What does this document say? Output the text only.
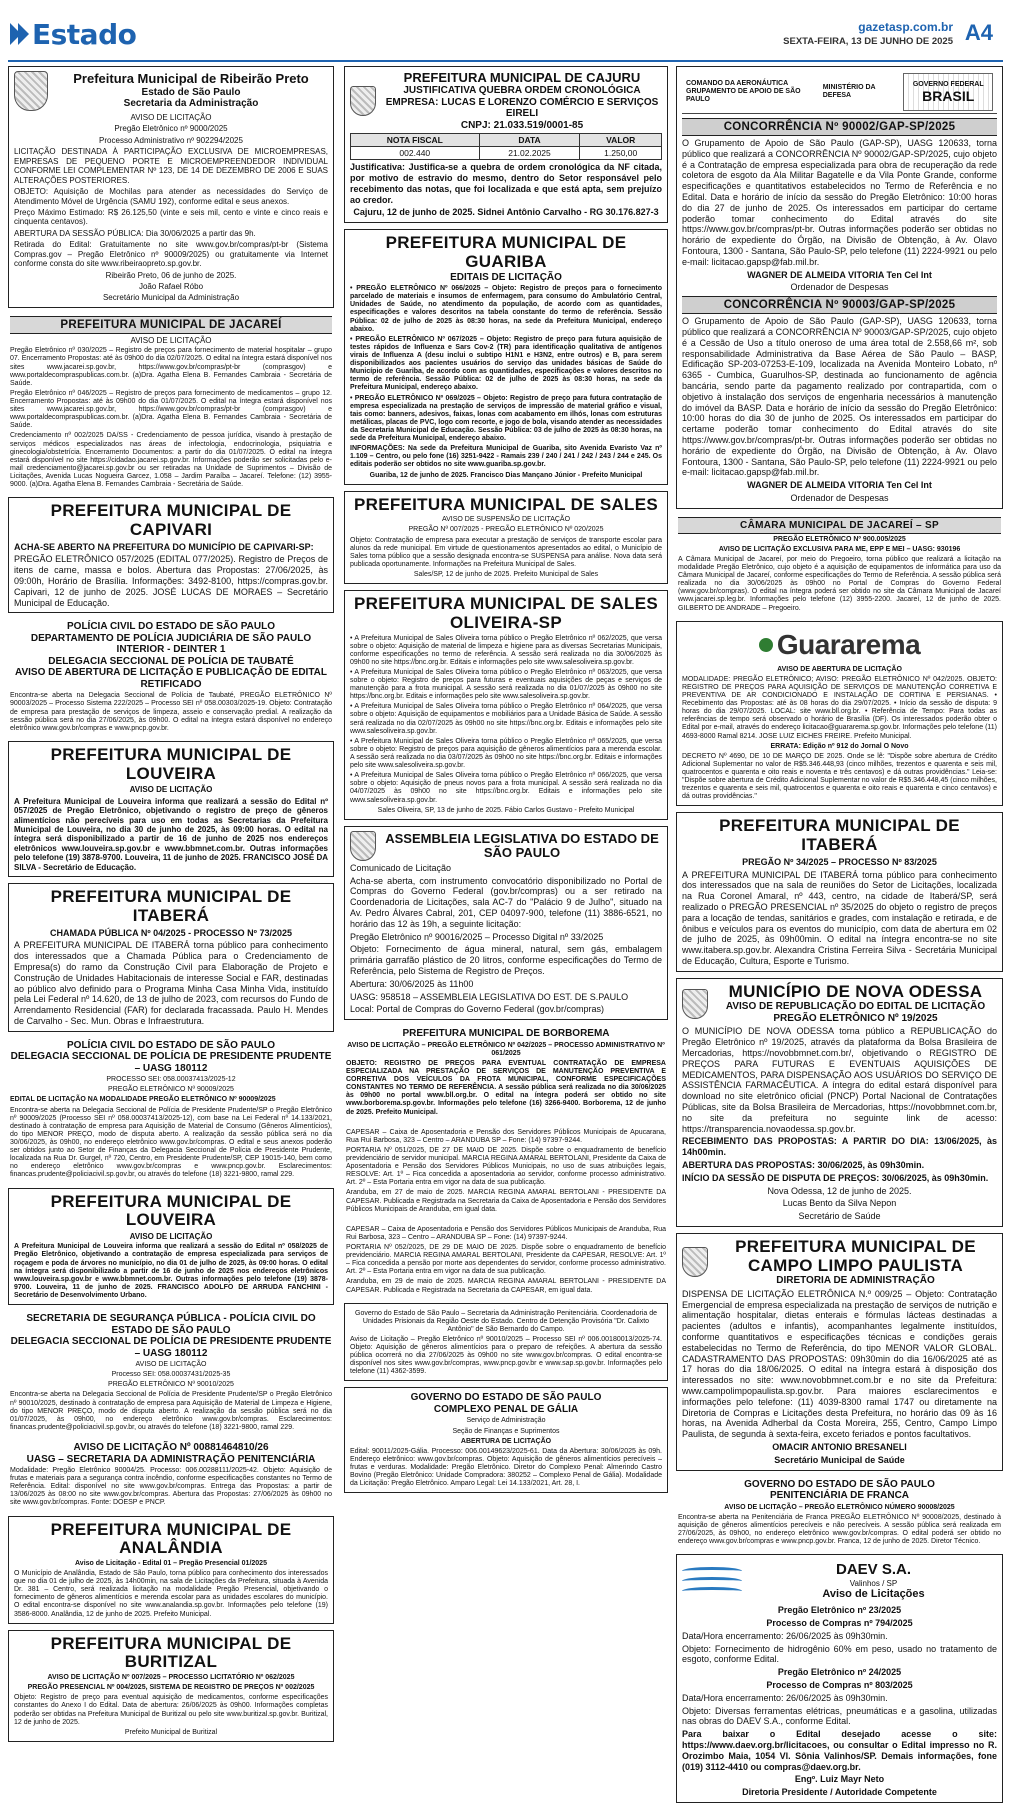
Estado	gazetasp.com.br
SEXTA-FEIRA, 13 DE JUNHO DE 2025 A4
Prefeitura Municipal de Ribeirão Preto
Estado de São Paulo
Secretaria da Administração

AVISO DE LICITAÇÃO

Pregão Eletrônico nº 9000/2025

Processo Administrativo nº 902294/2025

LICITAÇÃO DESTINADA À PARTICIPAÇÃO EXCLUSIVA DE MICROEMPRESAS, EMPRESAS DE PEQUENO PORTE E MICROEMPREENDEDOR INDIVIDUAL CONFORME LEI COMPLEMENTAR Nº 123, DE 14 DE DEZEMBRO DE 2006 E SUAS ALTERAÇÕES POSTERIORES.

OBJETO: Aquisição de Mochilas para atender as necessidades do Serviço de Atendimento Móvel de Urgência (SAMU 192), conforme edital e seus anexos.

Preço Máximo Estimado: R$ 26.125,50 (vinte e seis mil, cento e vinte e cinco reais e cinquenta centavos).

ABERTURA DA SESSÃO PÚBLICA: Dia 30/06/2025 a partir das 9h.

Retirada do Edital: Gratuitamente no site www.gov.br/compras/pt-br (Sistema Compras.gov – Pregão Eletrônico nº 90009/2025) ou gratuitamente via Internet conforme consta do site www.ribeiraopreto.sp.gov.br.

Ribeirão Preto, 06 de junho de 2025.

João Rafael Róbo

Secretário Municipal da Administração

PREFEITURA MUNICIPAL DE JACAREÍ

AVISO DE LICITAÇÃO

Pregão Eletrônico nº 030/2025 – Registro de preços para fornecimento de material hospitalar – grupo 07. Encerramento Propostas: até às 09h00 do dia 02/07/2025. O edital na íntegra estará disponível nos sites www.jacarei.sp.gov.br, https://www.gov.br/compras/pt-br (comprasgov) e www.portaldecompraspublicas.com.br. (a)Dra. Agatha Elena B. Fernandes Cambraia - Secretária de Saúde.

Pregão Eletrônico nº 046/2025 – Registro de preços para fornecimento de medicamentos – grupo 12. Encerramento Propostas: até às 09h00 do dia 01/07/2025. O edital na íntegra estará disponível nos sites www.jacarei.sp.gov.br, https://www.gov.br/compras/pt-br (comprasgov) e www.portaldecompraspublicas.com.br. (a)Dra. Agatha Elena B. Fernandes Cambraia - Secretária de Saúde.

Credenciamento nº 002/2025 DA/SS - Credenciamento de pessoa jurídica, visando à prestação de serviços médicos especializados nas áreas de infectologia, endocrinologia, psiquiatria e ginecologia/obstetrícia. Encerramento Documentos: a partir do dia 01/07/2025. O edital na íntegra estará disponível no site https://cidadao.jacarei.sp.gov.br. Informações poderão ser solicitadas pelo e-mail credenciamento@jacarei.sp.gov.br ou ser retiradas na Unidade de Suprimentos – Divisão de Licitações, Avenida Lucas Nogueira Garcez, 1.058 – Jardim Paraíba – Jacareí. Telefone: (12) 3955-9000. (a)Dra. Agatha Elena B. Fernandes Cambraia - Secretária de Saúde.

PREFEITURA MUNICIPAL DE CAPIVARI

ACHA-SE ABERTO NA PREFEITURA DO MUNICÍPIO DE CAPIVARI-SP:

PREGÃO ELETRÔNICO 057/2025 (EDITAL 077/2025). Registro de Preços de itens de carne, massa e bolos. Abertura das Propostas: 27/06/2025, às 09:00h, Horário de Brasília. Informações: 3492-8100, https://compras.gov.br. Capivari, 12 de junho de 2025. JOSÉ LUCAS DE MORAES – Secretário Municipal de Educação.

POLÍCIA CIVIL DO ESTADO DE SÃO PAULO
DEPARTAMENTO DE POLÍCIA JUDICIÁRIA DE SÃO PAULO INTERIOR - DEINTER 1
DELEGACIA SECCIONAL DE POLÍCIA DE TAUBATÉ
AVISO DE ABERTURA DE LICITAÇÃO E PUBLICAÇÃO DE EDITAL RETIFICADO

Encontra-se aberta na Delegacia Seccional de Polícia de Taubaté, PREGÃO ELETRÔNICO Nº 90003/2025 – Processo Sistema 222/2025 – Processo SEI nº 058.00303/2025-19. Objeto: Contratação de empresa para prestação de serviços de limpeza, asseio e conservação predial. A realização da sessão pública será no dia 27/06/2025, às 09h00. O edital na íntegra estará disponível no endereço eletrônico www.gov.br/compras e www.pncp.gov.br.

PREFEITURA MUNICIPAL DE LOUVEIRA

AVISO DE LICITAÇÃO

A Prefeitura Municipal de Louveira informa que realizará a sessão do Edital nº 057/2025 de Pregão Eletrônico, objetivando o registro de preço de gêneros alimentícios não perecíveis para uso em todas as Secretarias da Prefeitura Municipal de Louveira, no dia 30 de junho de 2025, às 09:00 horas. O edital na íntegra será disponibilizado a partir de 16 de junho de 2025 nos endereços eletrônicos www.louveira.sp.gov.br e www.bbmnet.com.br. Outras informações pelo telefone (19) 3878-9700. Louveira, 11 de junho de 2025. FRANCISCO JOSÉ DA SILVA - Secretário de Educação.

PREFEITURA MUNICIPAL DE ITABERÁ

CHAMADA PÚBLICA Nº 04/2025 - PROCESSO Nº 73/2025

A PREFEITURA MUNICIPAL DE ITABERÁ torna público para conhecimento dos interessados que a Chamada Pública para o Credenciamento de Empresa(s) do ramo da Construção Civil para Elaboração de Projeto e Construção de Unidades Habitacionais de interesse Social e FAR, destinadas ao público alvo definido para o Programa Minha Casa Minha Vida, instituído pela Lei Federal nº 14.620, de 13 de julho de 2023, com recursos do Fundo de Arrendamento Residencial (FAR) for declarada fracassada. Paulo H. Mendes de Carvalho - Sec. Mun. Obras e Infraestrutura.

POLÍCIA CIVIL DO ESTADO DE SÃO PAULO
DELEGACIA SECCIONAL DE POLÍCIA DE PRESIDENTE PRUDENTE – UASG 180112

PROCESSO SEI: 058.00037413/2025-12

PREGÃO ELETRÔNICO Nº 90009/2025

EDITAL DE LICITAÇÃO NA MODALIDADE PREGÃO ELETRÔNICO Nº 90009/2025

Encontra-se aberta na Delegacia Seccional de Polícia de Presidente Prudente/SP o Pregão Eletrônico nº 90009/2025 (Processo SEI nº 058.00037413/2025-12), com base na Lei Federal nº 14.133/2021, destinado à contratação de empresa para Aquisição de Material de Consumo (Gêneros Alimentícios), do tipo MENOR PREÇO, modo de disputa aberto. A realização da sessão pública será no dia 30/06/2025, às 09h00, no endereço eletrônico www.gov.br/compras. O edital e seus anexos poderão ser obtidos junto ao Setor de Finanças da Delegacia Seccional de Polícia de Presidente Prudente, localizada na Rua Dr. Gurgel, nº 720, Centro, em Presidente Prudente/SP, CEP 19015-140, bem como no endereço eletrônico www.gov.br/compras e www.pncp.gov.br. Esclarecimentos: financas.prudente@policiacivil.sp.gov.br, ou através do telefone (18) 3221-9800, ramal 229.

PREFEITURA MUNICIPAL DE LOUVEIRA

AVISO DE LICITAÇÃO

A Prefeitura Municipal de Louveira informa que realizará a sessão do Edital nº 058/2025 de Pregão Eletrônico, objetivando a contratação de empresa especializada para serviços de roçagem e poda de árvores no município, no dia 01 de julho de 2025, às 09:00 horas. O edital na íntegra será disponibilizado a partir de 16 de junho de 2025 nos endereços eletrônicos www.louveira.sp.gov.br e www.bbmnet.com.br. Outras informações pelo telefone (19) 3878-9700. Louveira, 11 de junho de 2025. FRANCISCO ADOLFO DE ARRUDA FANCHINI - Secretário de Desenvolvimento Urbano.

SECRETARIA DE SEGURANÇA PÚBLICA - POLÍCIA CIVIL DO ESTADO DE SÃO PAULO
DELEGACIA SECCIONAL DE POLÍCIA DE PRESIDENTE PRUDENTE – UASG 180112

AVISO DE LICITAÇÃO

Processo SEI: 058.00037431/2025-35

PREGÃO ELETRÔNICO Nº 90010/2025

Encontra-se aberta na Delegacia Seccional de Polícia de Presidente Prudente/SP o Pregão Eletrônico nº 90010/2025, destinado à contratação de empresa para Aquisição de Material de Limpeza e Higiene, do tipo MENOR PREÇO, modo de disputa aberto. A realização da sessão pública será no dia 01/07/2025, às 09h00, no endereço eletrônico www.gov.br/compras. Esclarecimentos: financas.prudente@policiacivil.sp.gov.br, ou através do telefone (18) 3221-9800, ramal 229.

AVISO DE LICITAÇÃO Nº 00881464810/26
UASG – SECRETARIA DA ADMINISTRAÇÃO PENITENCIÁRIA

Modalidade: Pregão Eletrônico 90004/25. Processo: 006.00288111/2025-42. Objeto: Aquisição de frutas e materiais para a segurança contra incêndio, conforme especificações constantes no Termo de Referência. Edital: disponível no site www.gov.br/compras. Entrega das Propostas: a partir de 13/06/2025 às 08:00 no site www.gov.br/compras. Abertura das Propostas: 27/06/2025 às 09h00 no site www.gov.br/compras. Fonte: DOESP e PNCP.

PREFEITURA MUNICIPAL DE ANALÂNDIA

Aviso de Licitação - Edital 01 – Pregão Presencial 01/2025

O Município de Analândia, Estado de São Paulo, torna público para conhecimento dos interessados que no dia 01 de julho de 2025, às 14h00min, na sala de Licitações da Prefeitura, situada à Avenida Dr. 381 – Centro, será realizada licitação na modalidade Pregão Presencial, objetivando o fornecimento de gêneros alimentícios e merenda escolar para as unidades escolares do município. O edital encontra-se disponível no site www.analandia.sp.gov.br. Informações pelo telefone (19) 3586-8000. Analândia, 12 de junho de 2025. Prefeito Municipal.

PREFEITURA MUNICIPAL DE BURITIZAL

AVISO DE LICITAÇÃO Nº 007/2025 – PROCESSO LICITATÓRIO Nº 062/2025

PREGÃO PRESENCIAL Nº 004/2025, SISTEMA DE REGISTRO DE PREÇOS Nº 002/2025

Objeto: Registro de preço para eventual aquisição de medicamentos, conforme especificações constantes do Anexo I do Edital. Data de abertura: 26/06/2025 às 09h00. Informações completas poderão ser obtidas na Prefeitura Municipal de Buritizal ou pelo site www.buritizal.sp.gov.br. Buritizal, 12 de junho de 2025.

Prefeito Municipal de Buritizal

PREFEITURA MUNICIPAL DE CAJURU
JUSTIFICATIVA QUEBRA ORDEM CRONOLÓGICA
EMPRESA: LUCAS E LORENZO COMÉRCIO E SERVIÇOS EIRELI
CNPJ: 21.033.519/0001-85
NOTA FISCAL	DATA	VALOR
002.440	21.02.2025	1.250,00

Justificativa: Justifica-se a quebra de ordem cronológica da NF citada, por motivo de estravio do mesmo, dentro do Setor responsável pelo recebimento das notas, que foi localizada e que está apta, sem prejuízo ao credor.

Cajuru, 12 de junho de 2025. Sidnei Antônio Carvalho - RG 30.176.827-3

PREFEITURA MUNICIPAL DE GUARIBA
EDITAIS DE LICITAÇÃO

• PREGÃO ELETRÔNICO Nº 066/2025 – Objeto: Registro de preços para o fornecimento parcelado de materiais e insumos de enfermagem, para consumo do Ambulatório Central, Unidades de Saúde, no atendimento da população, de acordo com as quantidades, especificações e valores descritos na tabela constante do termo de referência. Sessão Pública: 02 de julho de 2025 às 08:30 horas, na sede da Prefeitura Municipal, endereço abaixo.

• PREGÃO ELETRÔNICO Nº 067/2025 – Objeto: Registro de preço para futura aquisição de testes rápidos de Influenza e Sars Cov-2 (TR) para identificação qualitativa de antígenos virais de Influenza A (desu inclui o subtipo H1N1 e H3N2, entre outros) e B, para serem disponibilizados aos pacientes usuários do serviço das unidades básicas de Saúde do Município de Guariba, de acordo com as quantidades, especificações e valores descritos no termo de referência. Sessão Pública: 02 de julho de 2025 às 08:30 horas, na sede da Prefeitura Municipal, endereço abaixo.

• PREGÃO ELETRÔNICO Nº 069/2025 – Objeto: Registro de preço para futura contratação de empresa especializada na prestação de serviços de impressão de material gráfico e visual, tais como: banners, adesivos, faixas, lonas com acabamento em ilhós, lonas com estruturas metálicas, placas de PVC, logo com recorte, e jogo de bola, visando atender as necessidades da Secretaria Municipal de Educação. Sessão Pública: 03 de julho de 2025 às 08:30 horas, na sede da Prefeitura Municipal, endereço abaixo.

INFORMAÇÕES: Na sede da Prefeitura Municipal de Guariba, sito Avenida Evaristo Vaz nº 1.109 – Centro, ou pelo fone (16) 3251-9422 - Ramais 239 / 240 / 241 / 242 / 243 / 244 e 245. Os editais poderão ser obtidos no site www.guariba.sp.gov.br.

Guariba, 12 de junho de 2025. Francisco Dias Mançano Júnior - Prefeito Municipal

PREFEITURA MUNICIPAL DE SALES

AVISO DE SUSPENSÃO DE LICITAÇÃO

PREGÃO Nº 007/2025 - PREGÃO ELETRÔNICO Nº 020/2025

Objeto: Contratação de empresa para executar a prestação de serviços de transporte escolar para alunos da rede municipal. Em virtude de questionamentos apresentados ao edital, o Município de Sales torna público que a sessão designada encontra-se SUSPENSA para análise. Nova data será publicada oportunamente. Informações na Prefeitura Municipal de Sales.

Sales/SP, 12 de junho de 2025. Prefeito Municipal de Sales

PREFEITURA MUNICIPAL DE SALES OLIVEIRA-SP

• A Prefeitura Municipal de Sales Oliveira torna público o Pregão Eletrônico nº 062/2025, que versa sobre o objeto: Aquisição de material de limpeza e higiene para as diversas Secretarias Municipais, conforme especificações no termo de referência. A sessão será realizada no dia 30/06/2025 às 09h00 no site https://bnc.org.br. Editais e informações pelo site www.salesoliveira.sp.gov.br.

• A Prefeitura Municipal de Sales Oliveira torna público o Pregão Eletrônico nº 063/2025, que versa sobre o objeto: Registro de preços para futuras e eventuais aquisições de peças e serviços de manutenção para a frota municipal. A sessão será realizada no dia 01/07/2025 às 09h00 no site https://bnc.org.br. Editais e informações pelo site www.salesoliveira.sp.gov.br.

• A Prefeitura Municipal de Sales Oliveira torna público o Pregão Eletrônico nº 064/2025, que versa sobre o objeto: Aquisição de equipamentos e mobiliários para a Unidade Básica de Saúde. A sessão será realizada no dia 02/07/2025 às 09h00 no site https://bnc.org.br. Editais e informações pelo site www.salesoliveira.sp.gov.br.

• A Prefeitura Municipal de Sales Oliveira torna público o Pregão Eletrônico nº 065/2025, que versa sobre o objeto: Registro de preços para aquisição de gêneros alimentícios para a merenda escolar. A sessão será realizada no dia 03/07/2025 às 09h00 no site https://bnc.org.br. Editais e informações pelo site www.salesoliveira.sp.gov.br.

• A Prefeitura Municipal de Sales Oliveira torna público o Pregão Eletrônico nº 066/2025, que versa sobre o objeto: Aquisição de pneus novos para a frota municipal. A sessão será realizada no dia 04/07/2025 às 09h00 no site https://bnc.org.br. Editais e informações pelo site www.salesoliveira.sp.gov.br.

Sales Oliveira, SP, 13 de junho de 2025. Fábio Carlos Gustavo - Prefeito Municipal

ASSEMBLEIA LEGISLATIVA DO ESTADO DE SÃO PAULO

Comunicado de Licitação

Acha-se aberta, com instrumento convocatório disponibilizado no Portal de Compras do Governo Federal (gov.br/compras) ou a ser retirado na Coordenadoria de Licitações, sala AC-7 do "Palácio 9 de Julho", situado na Av. Pedro Álvares Cabral, 201, CEP 04097-900, telefone (11) 3886-6521, no horário das 12 às 19h, a seguinte licitação:

Pregão Eletrônico nº 90016/2025 – Processo Digital nº 33/2025

Objeto: Fornecimento de água mineral, natural, sem gás, embalagem primária garrafão plástico de 20 litros, conforme especificações do Termo de Referência, pelo Sistema de Registro de Preços.

Abertura: 30/06/2025 às 11h00

UASG: 958518 – ASSEMBLEIA LEGISLATIVA DO EST. DE S.PAULO

Local: Portal de Compras do Governo Federal (gov.br/compras)

PREFEITURA MUNICIPAL DE BORBOREMA

AVISO DE LICITAÇÃO – PREGÃO ELETRÔNICO Nº 042/2025 – PROCESSO ADMINISTRATIVO Nº 061/2025

OBJETO: REGISTRO DE PREÇOS PARA EVENTUAL CONTRATAÇÃO DE EMPRESA ESPECIALIZADA NA PRESTAÇÃO DE SERVIÇOS DE MANUTENÇÃO PREVENTIVA E CORRETIVA DOS VEÍCULOS DA FROTA MUNICIPAL, CONFORME ESPECIFICAÇÕES CONSTANTES NO TERMO DE REFERÊNCIA. A sessão pública será realizada no dia 30/06/2025 às 09h00 no portal www.bll.org.br. O edital na íntegra poderá ser obtido no site www.borborema.sp.gov.br. Informações pelo telefone (16) 3266-9400. Borborema, 12 de junho de 2025. Prefeito Municipal.

CAPESAR – Caixa de Aposentadoria e Pensão dos Servidores Públicos Municipais de Apucarana, Rua Rui Barbosa, 323 – Centro – ARANDUBA SP – Fone: (14) 97397-9244.

PORTARIA Nº 051/2025, DE 27 DE MAIO DE 2025. Dispõe sobre o enquadramento de benefício previdenciário de servidor municipal. MARCIA REGINA AMARAL BERTOLANI, Presidente da Caixa de Aposentadoria e Pensão dos Servidores Públicos Municipais, no uso de suas atribuições legais, RESOLVE: Art. 1º – Fica concedida a aposentadoria ao servidor, conforme processo administrativo. Art. 2º – Esta Portaria entra em vigor na data de sua publicação.

Aranduba, em 27 de maio de 2025. MARCIA REGINA AMARAL BERTOLANI - PRESIDENTE DA CAPESAR. Publicada e Registrada na Secretaria da Caixa de Aposentadoria e Pensão dos Servidores Públicos Municipais de Aranduba, em igual data.

CAPESAR – Caixa de Aposentadoria e Pensão dos Servidores Públicos Municipais de Aranduba, Rua Rui Barbosa, 323 – Centro – ARANDUBA SP – Fone: (14) 97397-9244.

PORTARIA Nº 052/2025, DE 29 DE MAIO DE 2025. Dispõe sobre o enquadramento de benefício previdenciário. MARCIA REGINA AMARAL BERTOLANI, Presidente da CAPESAR, RESOLVE: Art. 1º – Fica concedida a pensão por morte aos dependentes do servidor, conforme processo administrativo. Art. 2º – Esta Portaria entra em vigor na data de sua publicação.

Aranduba, em 29 de maio de 2025. MARCIA REGINA AMARAL BERTOLANI - PRESIDENTE DA CAPESAR. Publicada e Registrada na Secretaria da CAPESAR, em igual data.

Governo do Estado de São Paulo – Secretaria da Administração Penitenciária. Coordenadoria de Unidades Prisionais da Região Oeste do Estado. Centro de Detenção Provisória "Dr. Calixto Antônio" de São Bernardo do Campo.

Aviso de Licitação – Pregão Eletrônico nº 90010/2025 – Processo SEI nº 006.00180013/2025-74. Objeto: Aquisição de gêneros alimentícios para o preparo de refeições. A abertura da sessão pública ocorrerá no dia 27/06/2025 às 09h00 no site www.gov.br/compras. O edital encontra-se disponível nos sites www.gov.br/compras, www.pncp.gov.br e www.sap.sp.gov.br. Informações pelo telefone (11) 4362-3599.

GOVERNO DO ESTADO DE SÃO PAULO
COMPLEXO PENAL DE GÁLIA

Serviço de Administração

Seção de Finanças e Suprimentos

ABERTURA DE LICITAÇÃO

Edital: 90011/2025-Gália. Processo: 006.00149623/2025-61. Data da Abertura: 30/06/2025 às 09h. Endereço eletrônico: www.gov.br/compras. Objeto: Aquisição de gêneros alimentícios perecíveis – frutas e verduras. Modalidade: Pregão Eletrônico. Diretor do Complexo Penal: Almerindo Castro Bovino (Pregão Eletrônico: Unidade Compradora: 380252 – Complexo Penal de Gália). Modalidade da Licitação: Pregão Eletrônico. Amparo Legal: Lei 14.133/2021, Art. 28, I.

COMANDO DA AERONÁUTICA
GRUPAMENTO DE APOIO DE SÃO PAULO
MINISTÉRIO DA DEFESA
GOVERNO FEDERAL
BRASIL
CONCORRÊNCIA Nº 90002/GAP-SP/2025

O Grupamento de Apoio de São Paulo (GAP-SP), UASG 120633, torna público que realizará a CONCORRÊNCIA Nº 90002/GAP-SP/2025, cujo objeto é a Contratação de empresa especializada para obra de recuperação da rede coletora de esgoto da Ala Militar Bagatelle e da Vila Ponte Grande, conforme especificações e quantitativos estabelecidos no Termo de Referência e no Edital. Data e horário de início da sessão do Pregão Eletrônico: 10:00 horas do dia 27 de junho de 2025. Os interessados em participar do certame poderão tomar conhecimento do Edital através do site https://www.gov.br/compras/pt-br. Outras informações poderão ser obtidas no horário de expediente do Órgão, na Divisão de Obtenção, à Av. Olavo Fontoura, 1300 - Santana, São Paulo-SP, pelo telefone (11) 2224-9921 ou pelo e-mail: licitacao.gapsp@fab.mil.br.

WAGNER DE ALMEIDA VITORIA Ten Cel Int

Ordenador de Despesas

CONCORRÊNCIA Nº 90003/GAP-SP/2025

O Grupamento de Apoio de São Paulo (GAP-SP), UASG 120633, torna público que realizará a CONCORRÊNCIA Nº 90003/GAP-SP/2025, cujo objeto é a Cessão de Uso a título oneroso de uma área total de 2.558,66 m², sob responsabilidade Administrativa da Base Aérea de São Paulo – BASP, Edificação SP-203-07253-E-109, localizada na Avenida Monteiro Lobato, nº 6365 - Cumbica, Guarulhos-SP, destinada ao funcionamento de agência bancária, sendo parte da pagamento realizado por contrapartida, com o objetivo à instalação dos serviços de engenharia necessários à manutenção do imóvel da BASP. Data e horário de início da sessão do Pregão Eletrônico: 10:00 horas do dia 30 de junho de 2025. Os interessados em participar do certame poderão tomar conhecimento do Edital através do site https://www.gov.br/compras/pt-br. Outras informações poderão ser obtidas no horário de expediente do Órgão, na Divisão de Obtenção, à Av. Olavo Fontoura, 1300 - Santana, São Paulo-SP, pelo telefone (11) 2224-9921 ou pelo e-mail: licitacao.gapsp@fab.mil.br.

WAGNER DE ALMEIDA VITORIA Ten Cel Int

Ordenador de Despesas

CÂMARA MUNICIPAL DE JACAREÍ – SP

PREGÃO ELETRÔNICO Nº 900.005/2025

AVISO DE LICITAÇÃO EXCLUSIVA PARA ME, EPP E MEI – UASG: 930196

A Câmara Municipal de Jacareí, por meio do Pregoeiro, torna público que realizará a licitação na modalidade Pregão Eletrônico, cujo objeto é a aquisição de equipamentos de informática para uso da Câmara Municipal de Jacareí, conforme especificações do Termo de Referência. A sessão pública será realizada no dia 30/06/2025 às 09h00 no Portal de Compras do Governo Federal (www.gov.br/compras). O edital na íntegra poderá ser obtido no site da Câmara Municipal de Jacareí www.jacarei.sp.leg.br. Informações pelo telefone (12) 3955-2200. Jacareí, 12 de junho de 2025. GILBERTO DE ANDRADE – Pregoeiro.

Guararema

AVISO DE ABERTURA DE LICITAÇÃO

MODALIDADE: PREGÃO ELETRÔNICO; AVISO: PREGÃO ELETRÔNICO Nº 042/2025. OBJETO: REGISTRO DE PREÇOS PARA AQUISIÇÃO DE SERVIÇOS DE MANUTENÇÃO CORRETIVA E PREVENTIVA DE AR CONDICIONADO E INSTALAÇÃO DE CORTINA E PERSIANAS. • Recebimento das Propostas: até às 08 horas do dia 29/07/2025. • Início da sessão de disputa: 9 horas do dia 29/07/2025. LOCAL: site www.bll.org.br. • Referência de Tempo: Para todas as referências de tempo será observado o horário de Brasília (DF). Os interessados poderão obter o Edital por e-mail, através do endereço licitacao@guararema.sp.gov.br. Informações pelo telefone (11) 4693-8000 Ramal 8214. JOSE LUIZ EICHES FREIRE. Prefeito Municipal.

ERRATA: Edição nº 912 do Jornal O Novo

DECRETO Nº 4690, DE 10 DE MARÇO DE 2025. Onde se lê: "Dispõe sobre abertura de Crédito Adicional Suplementar no valor de R$5.346.448,93 (cinco milhões, trezentos e quarenta e seis mil, quatrocentos e quarenta e oito reais e noventa e três centavos) e dá outras providências." Leia-se: "Dispõe sobre abertura de Crédito Adicional Suplementar no valor de R$5.346.448,45 (cinco milhões, trezentos e quarenta e seis mil, quatrocentos e quarenta e oito reais e quarenta e cinco centavos) e dá outras providências."

PREFEITURA MUNICIPAL DE ITABERÁ

PREGÃO Nº 34/2025 – PROCESSO Nº 83/2025

A PREFEITURA MUNICIPAL DE ITABERÁ torna público para conhecimento dos interessados que na sala de reuniões do Setor de Licitações, localizada na Rua Coronel Amaral, nº 443, centro, na cidade de Itaberá/SP, será realizado o PREGÃO PRESENCIAL nº 35/2025 do objeto o registro de preços para a locação de tendas, sanitários e grades, com instalação e retirada, e de ônibus e veículos para os eventos do município, com data de abertura em 02 de julho de 2025, às 09h00min. O edital na íntegra encontra-se no site www.itabera.sp.gov.br. Alexandra Cristina Ferreira Silva - Secretária Municipal de Educação, Cultura, Esporte e Turismo.

MUNICÍPIO DE NOVA ODESSA
AVISO DE REPUBLICAÇÃO DO EDITAL DE LICITAÇÃO
PREGÃO ELETRÔNICO Nº 19/2025

O MUNICÍPIO DE NOVA ODESSA torna público a REPUBLICAÇÃO do Pregão Eletrônico nº 19/2025, através da plataforma da Bolsa Brasileira de Mercadorias, https://novobbmnet.com.br/, objetivando o REGISTRO DE PREÇOS PARA FUTURAS E EVENTUAIS AQUISIÇÕES DE MEDICAMENTOS, PARA DISPENSAÇÃO AOS USUÁRIOS DO SERVIÇO DE ASSISTÊNCIA FARMACÊUTICA. A íntegra do edital estará disponível para download no site eletrônico oficial (PNCP) Portal Nacional de Contratações Públicas, site da Bolsa Brasileira de Mercadorias, https://novobbmnet.com.br, no site da prefeitura no seguinte link de acesso: https://transparencia.novaodessa.sp.gov.br.

RECEBIMENTO DAS PROPOSTAS: A PARTIR DO DIA: 13/06/2025, às 14h00min.

ABERTURA DAS PROPOSTAS: 30/06/2025, às 09h30min.

INÍCIO DA SESSÃO DE DISPUTA DE PREÇOS: 30/06/2025, às 09h30min.

Nova Odessa, 12 de junho de 2025.

Lucas Bento da Silva Nepon

Secretário de Saúde

PREFEITURA MUNICIPAL DE CAMPO LIMPO PAULISTA
DIRETORIA DE ADMINISTRAÇÃO

DISPENSA DE LICITAÇÃO ELETRÔNICA N.º 009/25 – Objeto: Contratação Emergencial de empresa especializada na prestação de serviços de nutrição e alimentação hospitalar, dietas enterais e fórmulas lácteas destinadas a pacientes (adultos e infantis), acompanhantes legalmente instituídos, conforme quantitativos e especificações técnicas e condições gerais estabelecidas no Termo de Referência, do tipo MENOR VALOR GLOBAL. CADASTRAMENTO DAS PROPOSTAS: 09h30min do dia 16/06/2025 até as 17 horas do dia 18/06/2025. O edital na íntegra estará à disposição dos interessados no site: www.novobbmnet.com.br e no site da Prefeitura: www.campolimpopaulista.sp.gov.br. Para maiores esclarecimentos e informações pelo telefone: (11) 4039-8300 ramal 1747 ou diretamente na Diretoria de Compras e Licitações desta Prefeitura, no horário das 09 às 16 horas, na Avenida Adherbal da Costa Moreira, 255, Centro, Campo Limpo Paulista, de segunda à sexta-feira, exceto feriados e pontos facultativos.

OMACIR ANTONIO BRESANELI

Secretário Municipal de Saúde

GOVERNO DO ESTADO DE SÃO PAULO
PENITENCIÁRIA DE FRANCA

AVISO DE LICITAÇÃO – PREGÃO ELETRÔNICO NÚMERO 90008/2025

Encontra-se aberta na Penitenciária de Franca PREGÃO ELETRÔNICO Nº 90008/2025, destinado à aquisição de gêneros alimentícios perecíveis e não perecíveis. A sessão pública será realizada em 27/06/2025, às 09h00, no endereço eletrônico www.gov.br/compras. O edital poderá ser obtido no endereço www.gov.br/compras e www.pncp.gov.br. Franca, 12 de junho de 2025. Diretor Técnico.

DAEV S.A.
Valinhos / SP
Aviso de Licitações

Pregão Eletrônico nº 23/2025

Processo de Compras nº 794/2025

Data/Hora encerramento: 26/06/2025 às 09h30min.

Objeto: Fornecimento de hidrogênio 60% em peso, usado no tratamento de esgoto, conforme Edital.

Pregão Eletrônico nº 24/2025

Processo de Compras nº 803/2025

Data/Hora encerramento: 26/06/2025 às 09h30min.

Objeto: Diversas ferramentas elétricas, pneumáticas e a gasolina, utilizadas nas obras do DAEV S.A., conforme Edital.

Para baixar o Edital desejado acesse o site: https://www.daev.org.br/licitacoes, ou consultar o Edital impresso no R. Orozimbo Maia, 1054 Vl. Sônia Valinhos/SP. Demais informações, fone (019) 3112-4410 ou compras@daev.org.br.

Engº. Luiz Mayr Neto

Diretoria Presidente / Autoridade Competente
